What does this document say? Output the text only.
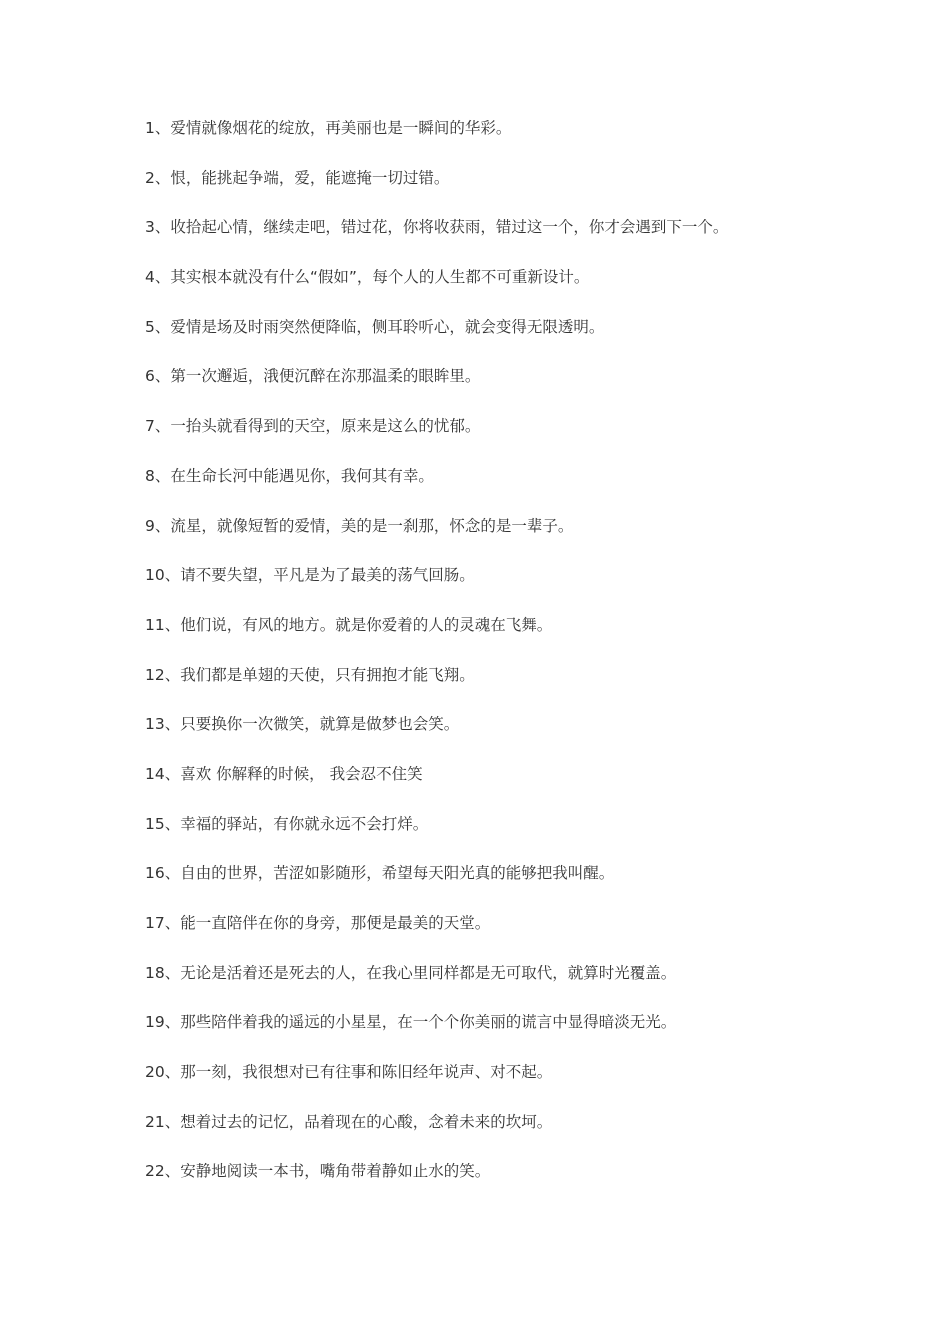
1、爱情就像烟花的绽放，再美丽也是一瞬间的华彩。
2、恨，能挑起争端，爱，能遮掩一切过错。
3、收拾起心情，继续走吧，错过花，你将收获雨，错过这一个，你才会遇到下一个。
4、其实根本就没有什么“假如”，每个人的人生都不可重新设计。
5、爱情是场及时雨突然便降临，侧耳聆听心，就会变得无限透明。
6、第一次邂逅，涐便沉醉在沵那温柔的眼眸里。
7、一抬头就看得到的天空，原来是这么的忧郁。
8、在生命长河中能遇见你，我何其有幸。
9、流星，就像短暂的爱情，美的是一刹那，怀念的是一辈子。
10、请不要失望，平凡是为了最美的荡气回肠。
11、他们说，有风的地方。就是你爱着的人的灵魂在飞舞。
12、我们都是单翅的天使，只有拥抱才能飞翔。
13、只要换你一次微笑，就算是做梦也会笑。
14、喜欢 你解释的时候， 我会忍不住笑
15、幸福的驿站，有你就永远不会打烊。
16、自由的世界，苦涩如影随形，希望每天阳光真的能够把我叫醒。
17、能一直陪伴在你的身旁，那便是最美的天堂。
18、无论是活着还是死去的人，在我心里同样都是无可取代，就算时光覆盖。
19、那些陪伴着我的遥远的小星星，在一个个你美丽的谎言中显得暗淡无光。
20、那一刻，我很想对已有往事和陈旧经年说声、对不起。
21、想着过去的记忆，品着现在的心酸，念着未来的坎坷。
22、安静地阅读一本书，嘴角带着静如止水的笑。
